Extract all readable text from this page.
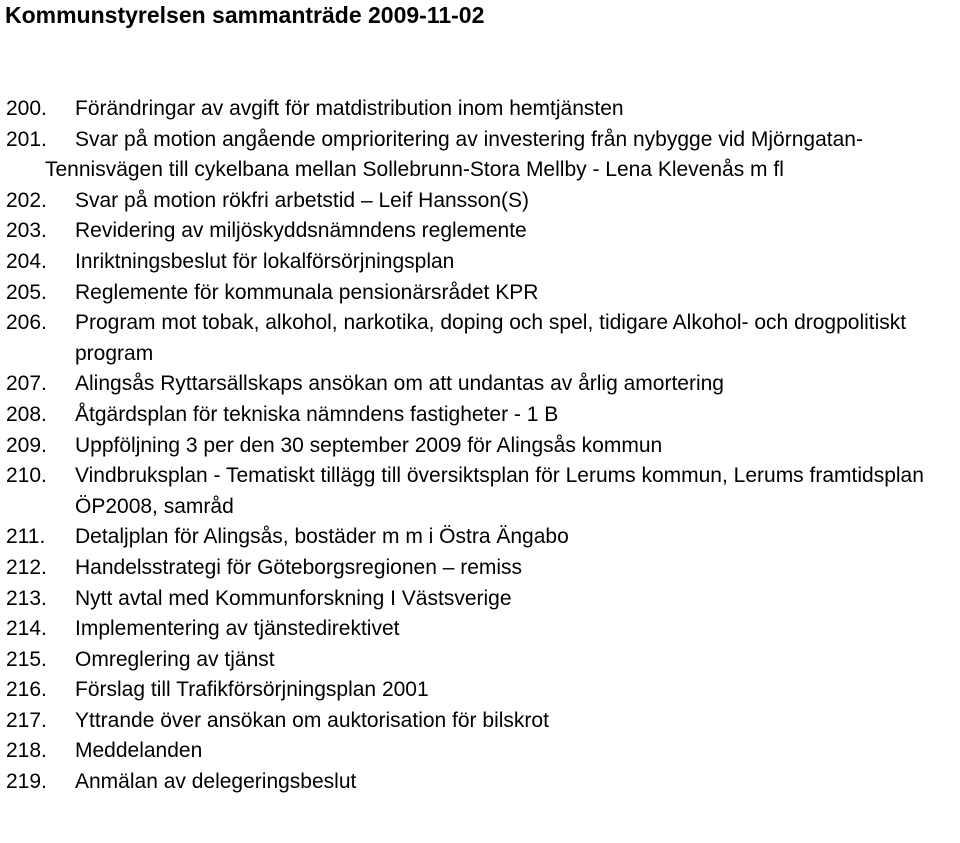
Kommunstyrelsen sammanträde 2009-11-02
200.	Förändringar av avgift för matdistribution inom hemtjänsten
201.	Svar på motion angående omprioritering av investering från nybygge vid Mjörngatan-Tennisvägen till cykelbana mellan Sollebrunn-Stora Mellby - Lena Klevenås m fl
202.	Svar på motion rökfri arbetstid – Leif Hansson(S)
203.	Revidering av miljöskyddsnämndens reglemente
204.	Inriktningsbeslut för lokalförsörjningsplan
205.	Reglemente för kommunala pensionärsrådet KPR
206.	Program mot tobak, alkohol, narkotika, doping och spel, tidigare Alkohol- och drogpolitiskt program
207.	Alingsås Ryttarsällskaps ansökan om att undantas av årlig amortering
208.	Åtgärdsplan för tekniska nämndens fastigheter - 1 B
209.	Uppföljning 3 per den 30 september 2009 för Alingsås kommun
210.	Vindbruksplan - Tematiskt tillägg till översiktsplan för Lerums kommun, Lerums framtidsplan ÖP2008, samråd
211.	Detaljplan för Alingsås, bostäder m m i Östra Ängabo
212.	Handelsstrategi för Göteborgsregionen – remiss
213.	Nytt avtal med Kommunforskning I Västsverige
214.	Implementering av tjänstedirektivet
215.	Omreglering av tjänst
216.	Förslag till Trafikförsörjningsplan 2001
217.	Yttrande över ansökan om auktorisation för bilskrot
218.	Meddelanden
219.	Anmälan av delegeringsbeslut
